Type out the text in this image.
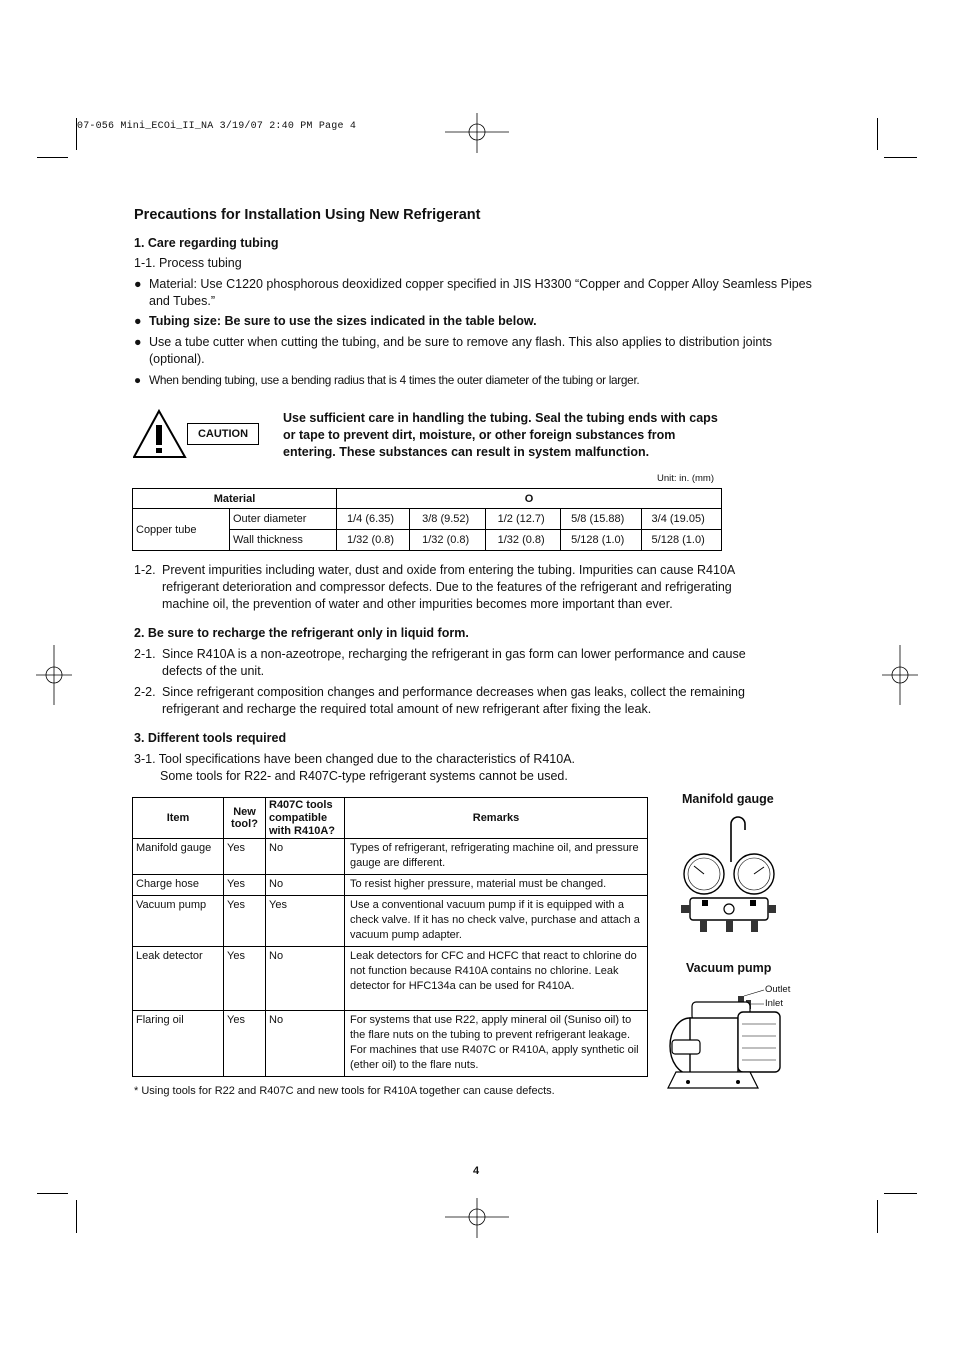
07-056 Mini_ECOi_II_NA 3/19/07 2:40 PM Page 4
Precautions for Installation Using New Refrigerant
1. Care regarding tubing
1-1. Process tubing
● Material: Use C1220 phosphorous deoxidized copper specified in JIS H3300 “Copper and Copper Alloy Seamless Pipes and Tubes.”
● Tubing size: Be sure to use the sizes indicated in the table below.
● Use a tube cutter when cutting the tubing, and be sure to remove any flash. This also applies to distribution joints (optional).
● When bending tubing, use a bending radius that is 4 times the outer diameter of the tubing or larger.
CAUTION
Use sufficient care in handling the tubing. Seal the tubing ends with caps or tape to prevent dirt, moisture, or other foreign substances from entering. These substances can result in system malfunction.
Unit: in. (mm)
Material		O				
Copper tube	Outer diameter	1/4 (6.35)	3/8 (9.52)	1/2 (12.7)	5/8 (15.88)	3/4 (19.05)
	Wall thickness	1/32 (0.8)	1/32 (0.8)	1/32 (0.8)	5/128 (1.0)	5/128 (1.0)
1-2. Prevent impurities including water, dust and oxide from entering the tubing. Impurities can cause R410A refrigerant deterioration and compressor defects. Due to the features of the refrigerant and refrigerating machine oil, the prevention of water and other impurities becomes more important than ever.
2. Be sure to recharge the refrigerant only in liquid form.
2-1. Since R410A is a non-azeotrope, recharging the refrigerant in gas form can lower performance and cause defects of the unit.
2-2. Since refrigerant composition changes and performance decreases when gas leaks, collect the remaining refrigerant and recharge the required total amount of new refrigerant after fixing the leak.
3. Different tools required
3-1. Tool specifications have been changed due to the characteristics of R410A.
Some tools for R22- and R407C-type refrigerant systems cannot be used.
Item	New tool?	R407C tools compatible with R410A?	Remarks
Manifold gauge	Yes	No	Types of refrigerant, refrigerating machine oil, and pressure gauge are different.
Charge hose	Yes	No	To resist higher pressure, material must be changed.
Vacuum pump	Yes	Yes	Use a conventional vacuum pump if it is equipped with a check valve. If it has no check valve, purchase and attach a vacuum pump adapter.
Leak detector	Yes	No	Leak detectors for CFC and HCFC that react to chlorine do not function because R410A contains no chlorine. Leak detector for HFC134a can be used for R410A.
Flaring oil	Yes	No	For systems that use R22, apply mineral oil (Suniso oil) to the flare nuts on the tubing to prevent refrigerant leakage. For machines that use R407C or R410A, apply synthetic oil (ether oil) to the flare nuts.
Manifold gauge
Vacuum pump
Outlet
Inlet
* Using tools for R22 and R407C and new tools for R410A together can cause defects.
4
